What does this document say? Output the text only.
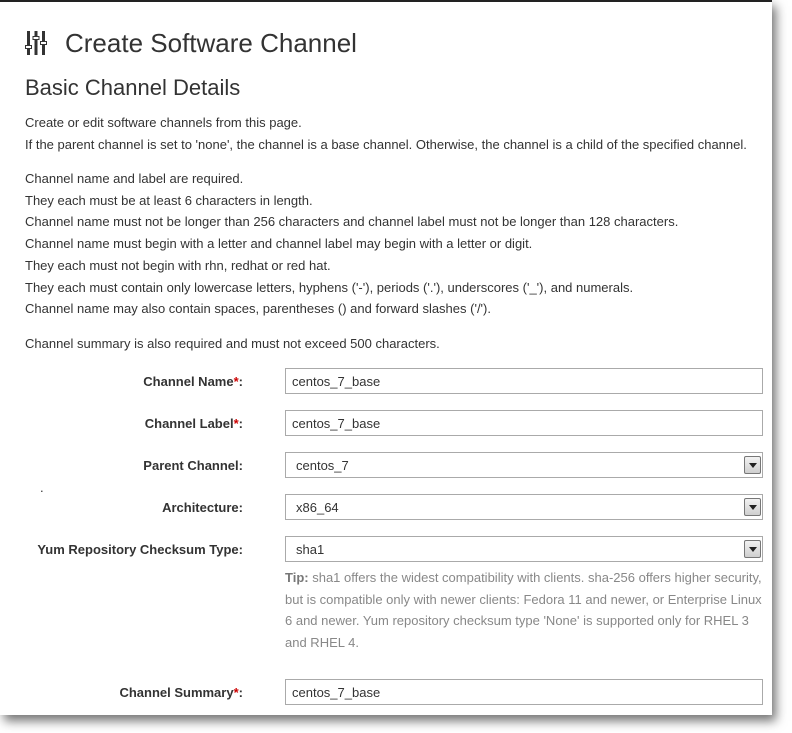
Create Software Channel
Basic Channel Details
Create or edit software channels from this page.
If the parent channel is set to 'none', the channel is a base channel. Otherwise, the channel is a child of the specified channel.
Channel name and label are required.
They each must be at least 6 characters in length.
Channel name must not be longer than 256 characters and channel label must not be longer than 128 characters.
Channel name must begin with a letter and channel label may begin with a letter or digit.
They each must not begin with rhn, redhat or red hat.
They each must contain only lowercase letters, hyphens ('-'), periods ('.'), underscores ('_'), and numerals.
Channel name may also contain spaces, parentheses () and forward slashes ('/').
Channel summary is also required and must not exceed 500 characters.
Channel Name*:	centos_7_base
Channel Label*:	centos_7_base
Parent Channel:	centos_7
.
Architecture:	x86_64
Yum Repository Checksum Type:	sha1
Tip: sha1 offers the widest compatibility with clients. sha-256 offers higher security, but is compatible only with newer clients: Fedora 11 and newer, or Enterprise Linux 6 and newer. Yum repository checksum type 'None' is supported only for RHEL 3 and RHEL 4.
Channel Summary*:	centos_7_base
